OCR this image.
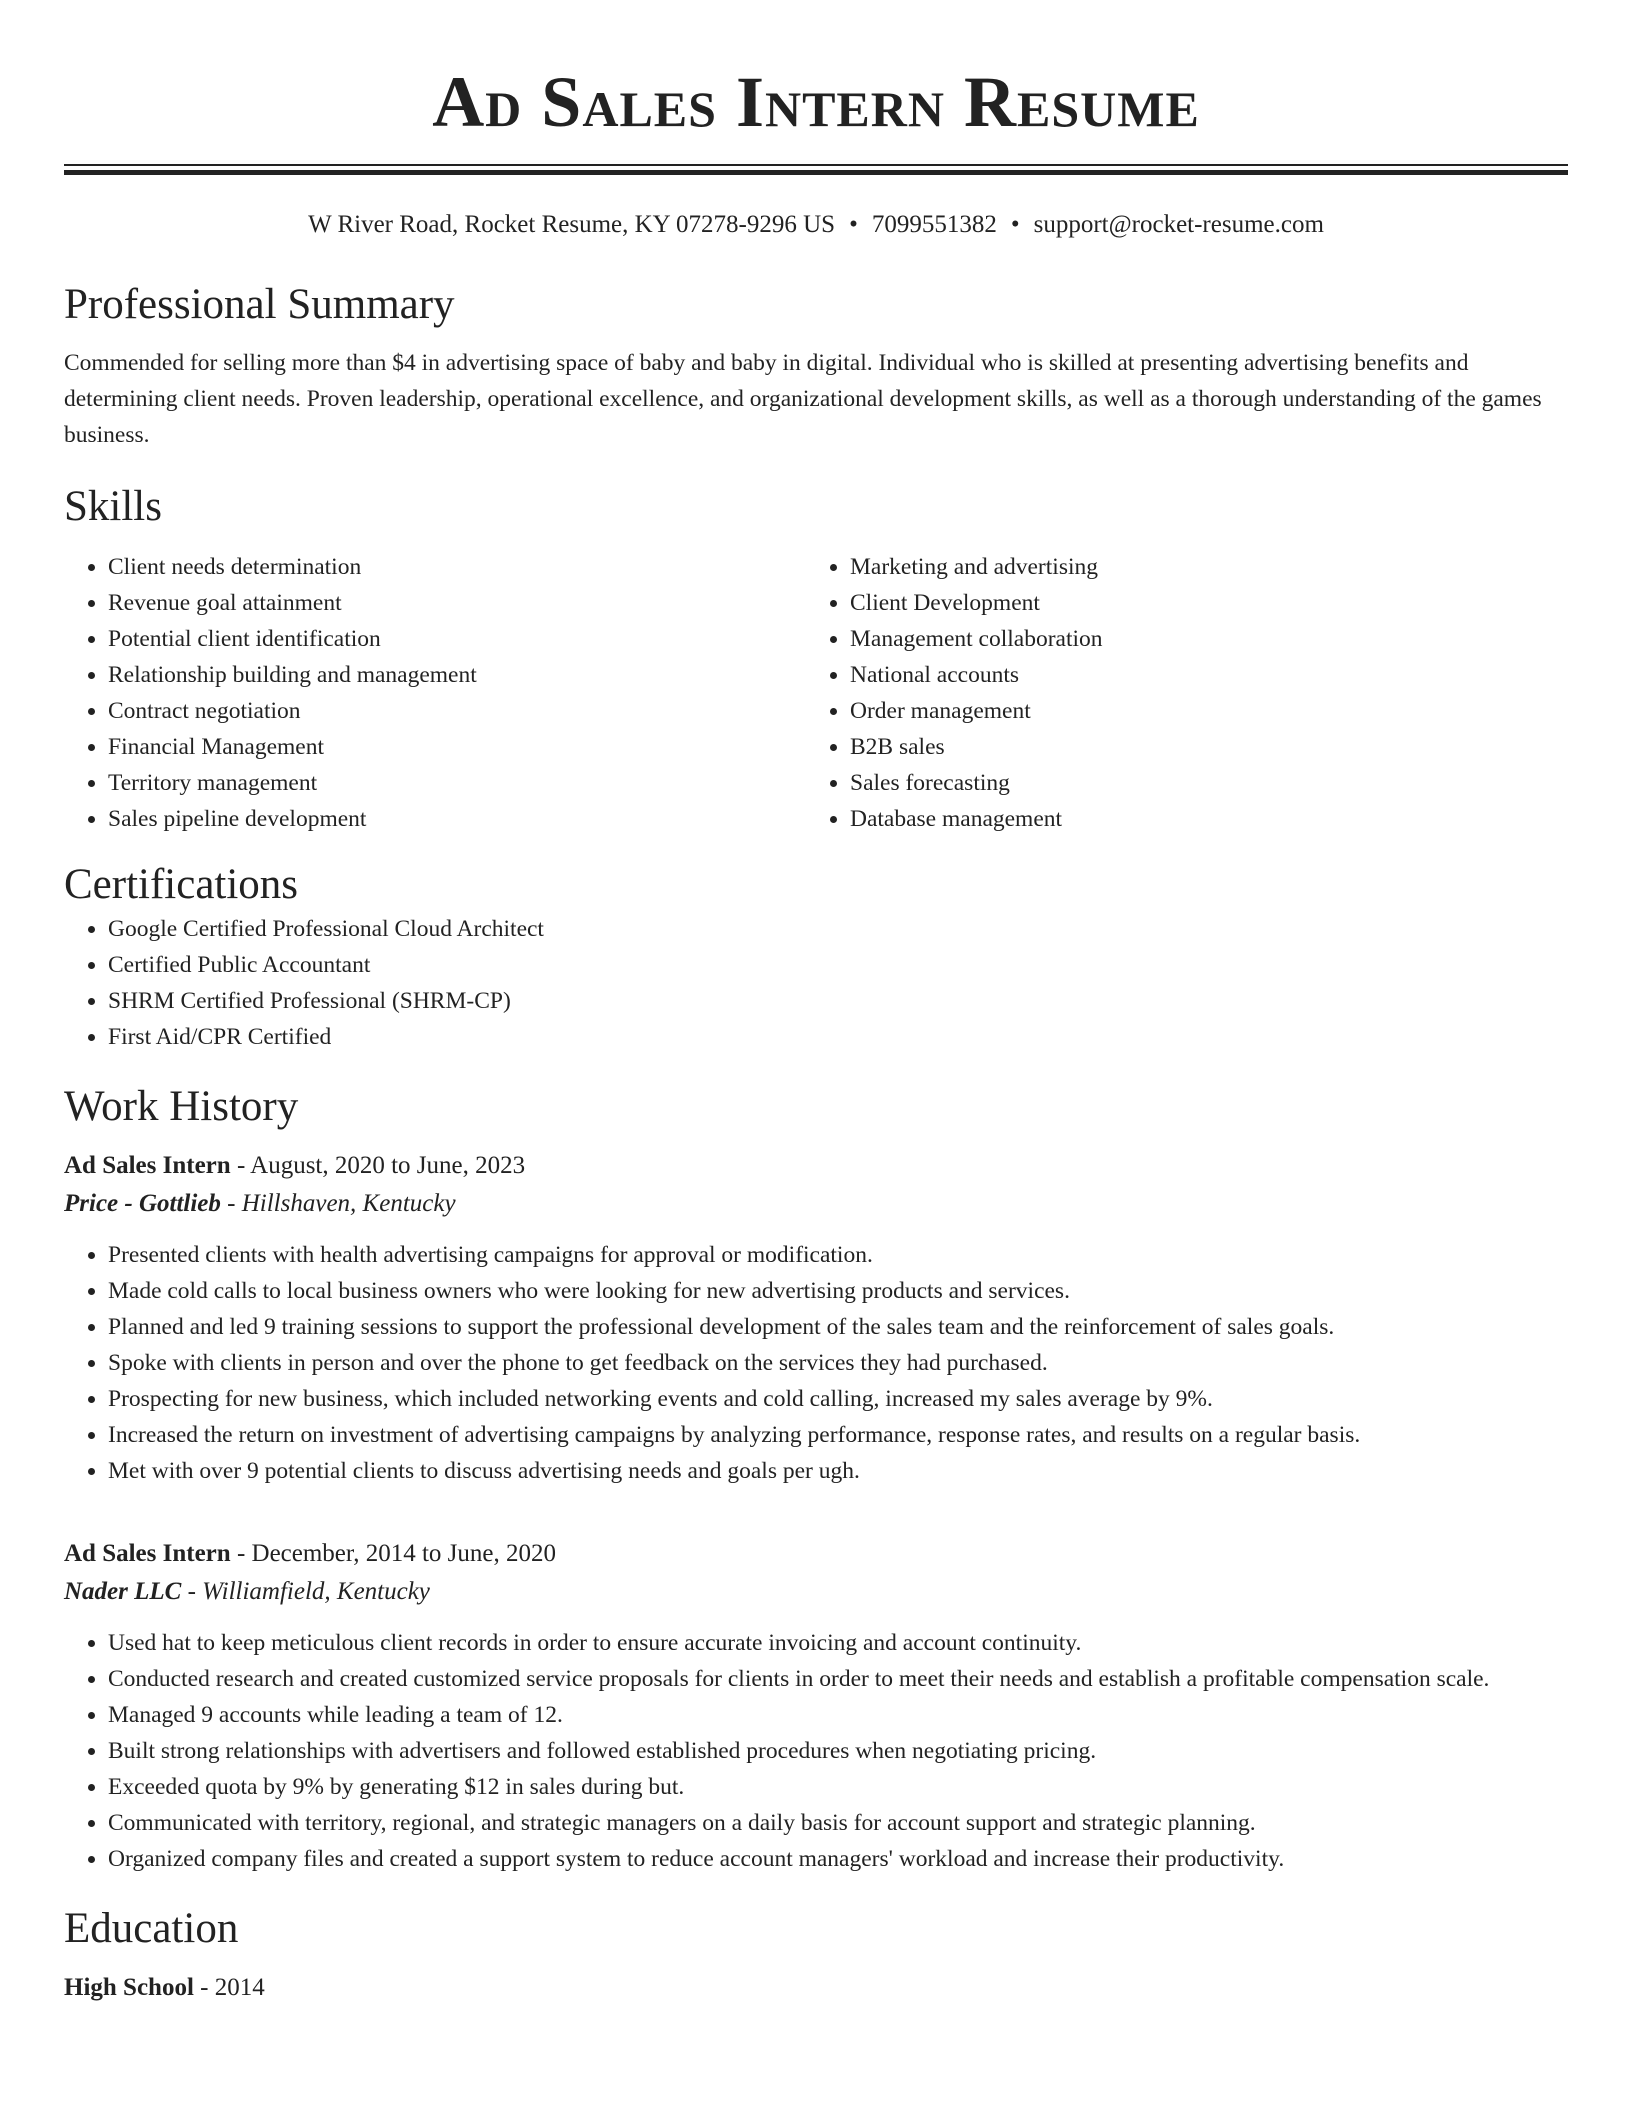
Ad Sales Intern Resume
W River Road, Rocket Resume, KY 07278-9296 US • 7099551382 • support@rocket-resume.com
Professional Summary

Commended for selling more than $4 in advertising space of baby and baby in digital. Individual who is skilled at presenting advertising benefits and determining client needs. Proven leadership, operational excellence, and organizational development skills, as well as a thorough understanding of the games business.

Skills
• Client needs determination
• Revenue goal attainment
• Potential client identification
• Relationship building and management
• Contract negotiation
• Financial Management
• Territory management
• Sales pipeline development
• Marketing and advertising
• Client Development
• Management collaboration
• National accounts
• Order management
• B2B sales
• Sales forecasting
• Database management
Certifications
• Google Certified Professional Cloud Architect
• Certified Public Accountant
• SHRM Certified Professional (SHRM-CP)
• First Aid/CPR Certified
Work History
Ad Sales Intern - August, 2020 to June, 2023
Price - Gottlieb - Hillshaven, Kentucky
• Presented clients with health advertising campaigns for approval or modification.
• Made cold calls to local business owners who were looking for new advertising products and services.
• Planned and led 9 training sessions to support the professional development of the sales team and the reinforcement of sales goals.
• Spoke with clients in person and over the phone to get feedback on the services they had purchased.
• Prospecting for new business, which included networking events and cold calling, increased my sales average by 9%.
• Increased the return on investment of advertising campaigns by analyzing performance, response rates, and results on a regular basis.
• Met with over 9 potential clients to discuss advertising needs and goals per ugh.
Ad Sales Intern - December, 2014 to June, 2020
Nader LLC - Williamfield, Kentucky
• Used hat to keep meticulous client records in order to ensure accurate invoicing and account continuity.
• Conducted research and created customized service proposals for clients in order to meet their needs and establish a profitable compensation scale.
• Managed 9 accounts while leading a team of 12.
• Built strong relationships with advertisers and followed established procedures when negotiating pricing.
• Exceeded quota by 9% by generating $12 in sales during but.
• Communicated with territory, regional, and strategic managers on a daily basis for account support and strategic planning.
• Organized company files and created a support system to reduce account managers' workload and increase their productivity.
Education
High School - 2014
